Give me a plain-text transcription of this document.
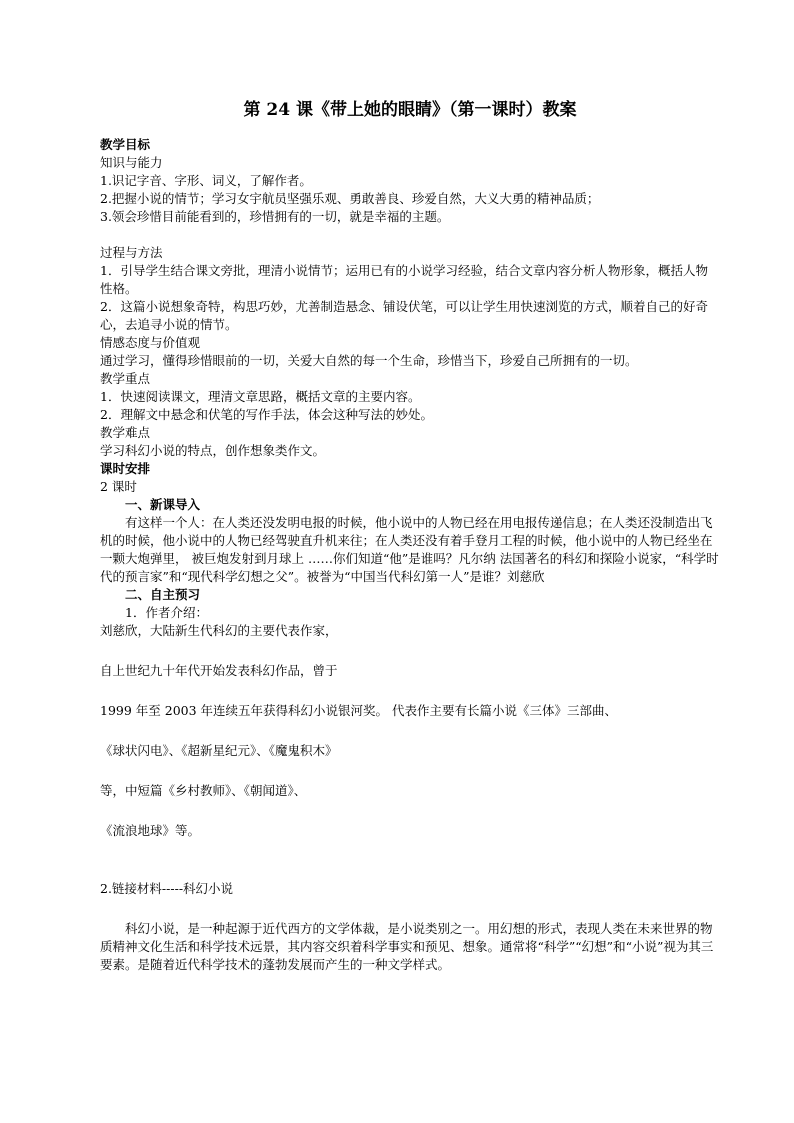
第 24 课《带上她的眼睛》（第一课时）教案

教学目标

知识与能力

1.识记字音、字形、词义，了解作者。

2.把握小说的情节；学习女宇航员坚强乐观、勇敢善良、珍爱自然，大义大勇的精神品质；

3.领会珍惜目前能看到的，珍惜拥有的一切，就是幸福的主题。

过程与方法

1．引导学生结合课文旁批，理清小说情节；运用已有的小说学习经验，结合文章内容分析人物形象，概括人物性格。

2．这篇小说想象奇特，构思巧妙，尤善制造悬念、铺设伏笔，可以让学生用快速浏览的方式，顺着自己的好奇心，去追寻小说的情节。

情感态度与价值观

通过学习，懂得珍惜眼前的一切，关爱大自然的每一个生命，珍惜当下，珍爱自己所拥有的一切。

教学重点

1．快速阅读课文，理清文章思路，概括文章的主要内容。

2．理解文中悬念和伏笔的写作手法，体会这种写法的妙处。

教学难点

学习科幻小说的特点，创作想象类作文。

课时安排

2 课时

一、新课导入

有这样一个人：在人类还没发明电报的时候，他小说中的人物已经在用电报传递信息；在人类还没制造出飞机的时候，他小说中的人物已经驾驶直升机来往；在人类还没有着手登月工程的时候，他小说中的人物已经坐在一颗大炮弹里， 被巨炮发射到月球上 ……你们知道“他”是谁吗？凡尔纳 法国著名的科幻和探险小说家，“科学时代的预言家”和“现代科学幻想之父”。被誉为“中国当代科幻第一人”是谁？刘慈欣

二、自主预习

1．作者介绍：

刘慈欣，大陆新生代科幻的主要代表作家，

自上世纪九十年代开始发表科幻作品，曾于

1999 年至 2003 年连续五年获得科幻小说银河奖。 代表作主要有长篇小说《三体》三部曲、

《球状闪电》、《超新星纪元》、《魔鬼积木》

等，中短篇《乡村教师》、《朝闻道》、

《流浪地球》等。

2.链接材料-----科幻小说

科幻小说，是一种起源于近代西方的文学体裁，是小说类别之一。用幻想的形式，表现人类在未来世界的物质精神文化生活和科学技术远景，其内容交织着科学事实和预见、想象。通常将“科学”“幻想”和“小说”视为其三要素。是随着近代科学技术的蓬勃发展而产生的一种文学样式。
